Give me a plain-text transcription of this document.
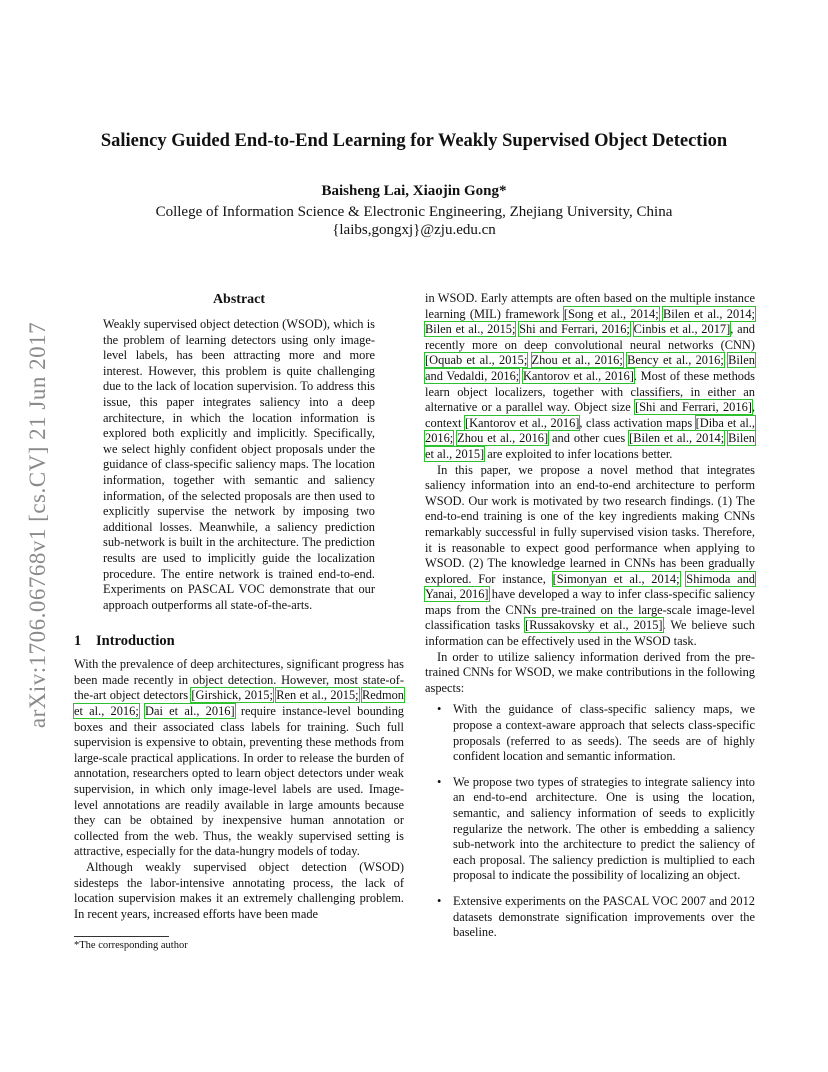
arXiv:1706.06768v1 [cs.CV] 21 Jun 2017
Saliency Guided End-to-End Learning for Weakly Supervised Object Detection
Baisheng Lai, Xiaojin Gong*
College of Information Science & Electronic Engineering, Zhejiang University, China
{laibs,gongxj}@zju.edu.cn
Abstract

Weakly supervised object detection (WSOD), which is the problem of learning detectors using only image-level labels, has been attracting more and more interest. However, this problem is quite challenging due to the lack of location supervision. To address this issue, this paper integrates saliency into a deep architecture, in which the location information is explored both explicitly and implicitly. Specifically, we select highly confident object proposals under the guidance of class-specific saliency maps. The location information, together with semantic and saliency information, of the selected proposals are then used to explicitly supervise the network by imposing two additional losses. Meanwhile, a saliency prediction sub-network is built in the architecture. The prediction results are used to implicitly guide the localization procedure. The entire network is trained end-to-end. Experiments on PASCAL VOC demonstrate that our approach outperforms all state-of-the-arts.

1 Introduction

With the prevalence of deep architectures, significant progress has been made recently in object detection. However, most state-of-the-art object detectors [Girshick, 2015; Ren et al., 2015; Redmon et al., 2016; Dai et al., 2016] require instance-level bounding boxes and their associated class labels for training. Such full supervision is expensive to obtain, preventing these methods from large-scale practical applications. In order to release the burden of annotation, researchers opted to learn object detectors under weak supervision, in which only image-level labels are used. Image-level annotations are readily available in large amounts because they can be obtained by inexpensive human annotation or collected from the web. Thus, the weakly supervised setting is attractive, especially for the data-hungry models of today.

Although weakly supervised object detection (WSOD) sidesteps the labor-intensive annotating process, the lack of location supervision makes it an extremely challenging problem. In recent years, increased efforts have been made

in WSOD. Early attempts are often based on the multiple instance learning (MIL) framework [Song et al., 2014; Bilen et al., 2014; Bilen et al., 2015; Shi and Ferrari, 2016; Cinbis et al., 2017], and recently more on deep convolutional neural networks (CNN) [Oquab et al., 2015; Zhou et al., 2016; Bency et al., 2016; Bilen and Vedaldi, 2016; Kantorov et al., 2016]. Most of these methods learn object localizers, together with classifiers, in either an alternative or a parallel way. Object size [Shi and Ferrari, 2016], context [Kantorov et al., 2016], class activation maps [Diba et al., 2016; Zhou et al., 2016] and other cues [Bilen et al., 2014; Bilen et al., 2015] are exploited to infer locations better.

In this paper, we propose a novel method that integrates saliency information into an end-to-end architecture to perform WSOD. Our work is motivated by two research findings. (1) The end-to-end training is one of the key ingredients making CNNs remarkably successful in fully supervised vision tasks. Therefore, it is reasonable to expect good performance when applying to WSOD. (2) The knowledge learned in CNNs has been gradually explored. For instance, [Simonyan et al., 2014; Shimoda and Yanai, 2016] have developed a way to infer class-specific saliency maps from the CNNs pre-trained on the large-scale image-level classification tasks [Russakovsky et al., 2015]. We believe such information can be effectively used in the WSOD task.

In order to utilize saliency information derived from the pre-trained CNNs for WSOD, we make contributions in the following aspects:

• With the guidance of class-specific saliency maps, we propose a context-aware approach that selects class-specific proposals (referred to as seeds). The seeds are of highly confident location and semantic information.
• We propose two types of strategies to integrate saliency into an end-to-end architecture. One is using the location, semantic, and saliency information of seeds to explicitly regularize the network. The other is embedding a saliency sub-network into the architecture to predict the saliency of each proposal. The saliency prediction is multiplied to each proposal to indicate the possibility of localizing an object.
• Extensive experiments on the PASCAL VOC 2007 and 2012 datasets demonstrate signification improvements over the baseline.
*The corresponding author
